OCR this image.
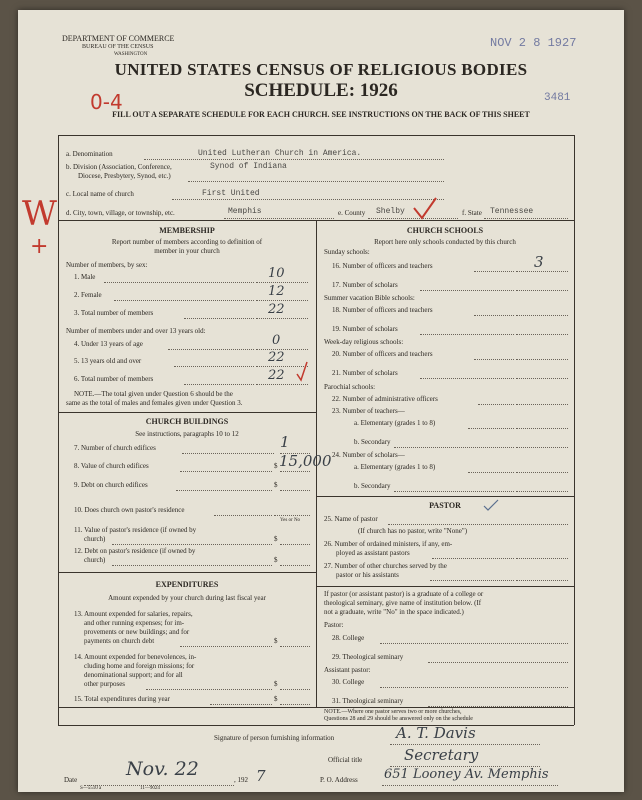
DEPARTMENT OF COMMERCE
BUREAU OF THE CENSUS
WASHINGTON
NOV 2 8 1927
UNITED STATES CENSUS OF RELIGIOUS BODIES
SCHEDULE: 1926	3481
0-4
FILL OUT A SEPARATE SCHEDULE FOR EACH CHURCH. SEE INSTRUCTIONS ON THE BACK OF THIS SHEET
W
+
a. Denomination	United Lutheran Church in America.
b. Division (Association, Conference,
Diocese, Presbytery, Synod, etc.)
Synod of Indiana
c. Local name of church	First United
d. City, town, village, or township, etc.	Memphis	e. County Shelby	f. State Tennessee
MEMBERSHIP
Report number of members according to definition of
member in your church
Number of members, by sex:
1. Male	10
2. Female	12
3. Total number of members	22
Number of members under and over 13 years old:
4. Under 13 years of age	0
5. 13 years old and over	22
6. Total number of members	22
NOTE.—The total given under Question 6 should be the
same as the total of males and females given under Question 3.
CHURCH BUILDINGS
See instructions, paragraphs 10 to 12
7. Number of church edifices	1
8. Value of church edifices	$ 15,000
9. Debt on church edifices	$
10. Does church own pastor's residence
Yes or No
11. Value of pastor's residence (if owned by
church)	$
12. Debt on pastor's residence (if owned by
church)	$
EXPENDITURES
Amount expended by your church during last fiscal year
13. Amount expended for salaries, repairs,
and other running expenses; for im-
provements or new buildings; and for
payments on church debt	$
14. Amount expended for benevolences, in-
cluding home and foreign missions; for
denominational support; and for all
other purposes	$
15. Total expenditures during year	$
CHURCH SCHOOLS
Report here only schools conducted by this church
Sunday schools:
16. Number of officers and teachers	3
17. Number of scholars
Summer vacation Bible schools:
18. Number of officers and teachers
19. Number of scholars
Week-day religious schools:
20. Number of officers and teachers
21. Number of scholars
Parochial schools:
22. Number of administrative officers
23. Number of teachers—
a. Elementary (grades 1 to 8)
b. Secondary
24. Number of scholars—
a. Elementary (grades 1 to 8)
b. Secondary
PASTOR
25. Name of pastor
(If church has no pastor, write "None")
26. Number of ordained ministers, if any, em-
ployed as assistant pastors
27. Number of other churches served by the
pastor or his assistants
If pastor (or assistant pastor) is a graduate of a college or
theological seminary, give name of institution below. (If
not a graduate, write "No" in the space indicated.)
Pastor:
28. College
29. Theological seminary
Assistant pastor:
30. College
31. Theological seminary
NOTE.—Where one pastor serves two or more churches,
Questions 28 and 29 should be answered only on the schedule
Signature of person furnishing information	A. T. Davis
Official title	Secretary
Date	Nov. 22	, 192 7	P. O. Address 651 Looney Av. Memphis
S—5510 a	11—9024
